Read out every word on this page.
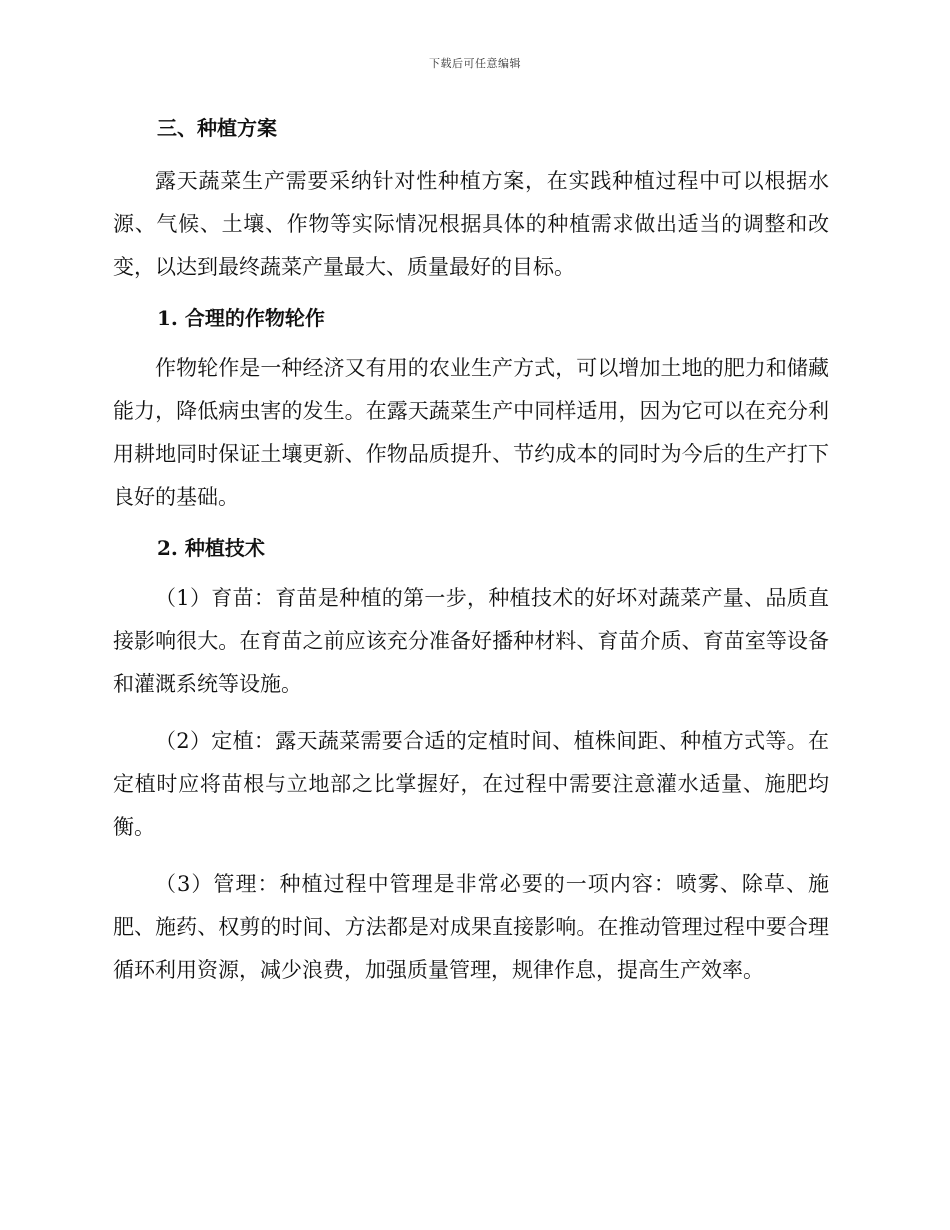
下载后可任意编辑
三、种植方案

露天蔬菜生产需要采纳针对性种植方案，在实践种植过程中可以根据水源、气候、土壤、作物等实际情况根据具体的种植需求做出适当的调整和改变，以达到最终蔬菜产量最大、质量最好的目标。

1. 合理的作物轮作

作物轮作是一种经济又有用的农业生产方式，可以增加土地的肥力和储藏能力，降低病虫害的发生。在露天蔬菜生产中同样适用，因为它可以在充分利用耕地同时保证土壤更新、作物品质提升、节约成本的同时为今后的生产打下良好的基础。

2. 种植技术

（1）育苗：育苗是种植的第一步，种植技术的好坏对蔬菜产量、品质直接影响很大。在育苗之前应该充分准备好播种材料、育苗介质、育苗室等设备和灌溉系统等设施。

（2）定植：露天蔬菜需要合适的定植时间、植株间距、种植方式等。在定植时应将苗根与立地部之比掌握好，在过程中需要注意灌水适量、施肥均衡。

（3）管理：种植过程中管理是非常必要的一项内容：喷雾、除草、施肥、施药、权剪的时间、方法都是对成果直接影响。在推动管理过程中要合理循环利用资源，减少浪费，加强质量管理，规律作息，提高生产效率。
